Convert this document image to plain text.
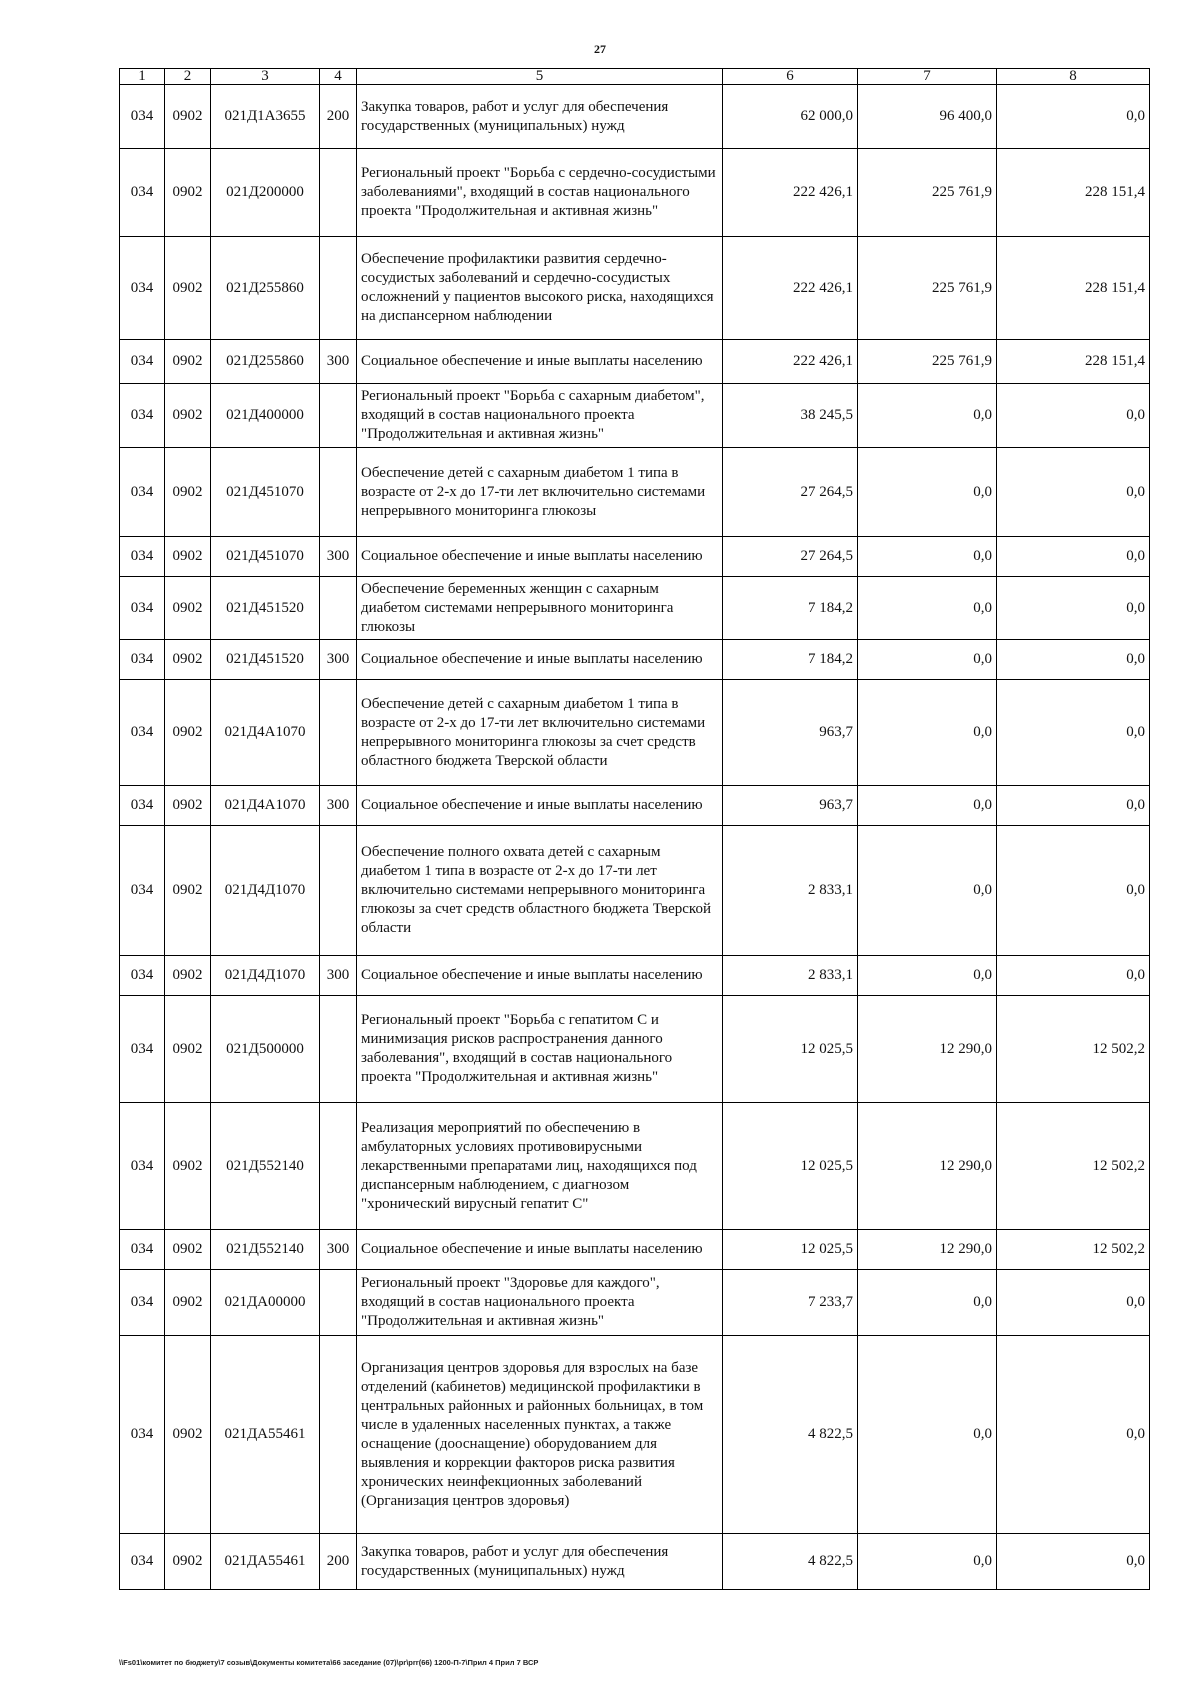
27
1	2	3	4	5	6	7	8
034	0902	021Д1А3655	200	Закупка товаров, работ и услуг для обеспечения государственных (муниципальных) нужд	62 000,0	96 400,0	0,0
034	0902	021Д200000		Региональный проект "Борьба с сердечно-сосудистыми заболеваниями", входящий в состав национального проекта "Продолжительная и активная жизнь"	222 426,1	225 761,9	228 151,4
034	0902	021Д255860		Обеспечение профилактики развития сердечно-сосудистых заболеваний и сердечно-сосудистых осложнений у пациентов высокого риска, находящихся на диспансерном наблюдении	222 426,1	225 761,9	228 151,4
034	0902	021Д255860	300	Социальное обеспечение и иные выплаты населению	222 426,1	225 761,9	228 151,4
034	0902	021Д400000		Региональный проект "Борьба с сахарным диабетом", входящий в состав национального проекта "Продолжительная и активная жизнь"	38 245,5	0,0	0,0
034	0902	021Д451070		Обеспечение детей с сахарным диабетом 1 типа в возрасте от 2-х до 17-ти лет включительно системами непрерывного мониторинга глюкозы	27 264,5	0,0	0,0
034	0902	021Д451070	300	Социальное обеспечение и иные выплаты населению	27 264,5	0,0	0,0
034	0902	021Д451520		Обеспечение беременных женщин с сахарным диабетом системами непрерывного мониторинга глюкозы	7 184,2	0,0	0,0
034	0902	021Д451520	300	Социальное обеспечение и иные выплаты населению	7 184,2	0,0	0,0
034	0902	021Д4А1070		Обеспечение детей с сахарным диабетом 1 типа в возрасте от 2-х до 17-ти лет включительно системами непрерывного мониторинга глюкозы за счет средств областного бюджета Тверской области	963,7	0,0	0,0
034	0902	021Д4А1070	300	Социальное обеспечение и иные выплаты населению	963,7	0,0	0,0
034	0902	021Д4Д1070		Обеспечение полного охвата детей с сахарным диабетом 1 типа в возрасте от 2-х до 17-ти лет включительно системами непрерывного мониторинга глюкозы за счет средств областного бюджета Тверской области	2 833,1	0,0	0,0
034	0902	021Д4Д1070	300	Социальное обеспечение и иные выплаты населению	2 833,1	0,0	0,0
034	0902	021Д500000		Региональный проект "Борьба с гепатитом С и минимизация рисков распространения данного заболевания", входящий в состав национального проекта "Продолжительная и активная жизнь"	12 025,5	12 290,0	12 502,2
034	0902	021Д552140		Реализация мероприятий по обеспечению в амбулаторных условиях противовирусными лекарственными препаратами лиц, находящихся под диспансерным наблюдением, с диагнозом "хронический вирусный гепатит С"	12 025,5	12 290,0	12 502,2
034	0902	021Д552140	300	Социальное обеспечение и иные выплаты населению	12 025,5	12 290,0	12 502,2
034	0902	021ДА00000		Региональный проект "Здоровье для каждого", входящий в состав национального проекта "Продолжительная и активная жизнь"	7 233,7	0,0	0,0
034	0902	021ДА55461		Организация центров здоровья для взрослых на базе отделений (кабинетов) медицинской профилактики в центральных районных и районных больницах, в том числе в удаленных населенных пунктах, а также оснащение (дооснащение) оборудованием для выявления и коррекции факторов риска развития хронических неинфекционных заболеваний (Организация центров здоровья)	4 822,5	0,0	0,0
034	0902	021ДА55461	200	Закупка товаров, работ и услуг для обеспечения государственных (муниципальных) нужд	4 822,5	0,0	0,0
\\Fs01\комитет по бюджету\7 созыв\Документы комитета\66 заседание (07)\pr\prr(66) 1200-П-7\Прил 4 Прил 7 ВСР
